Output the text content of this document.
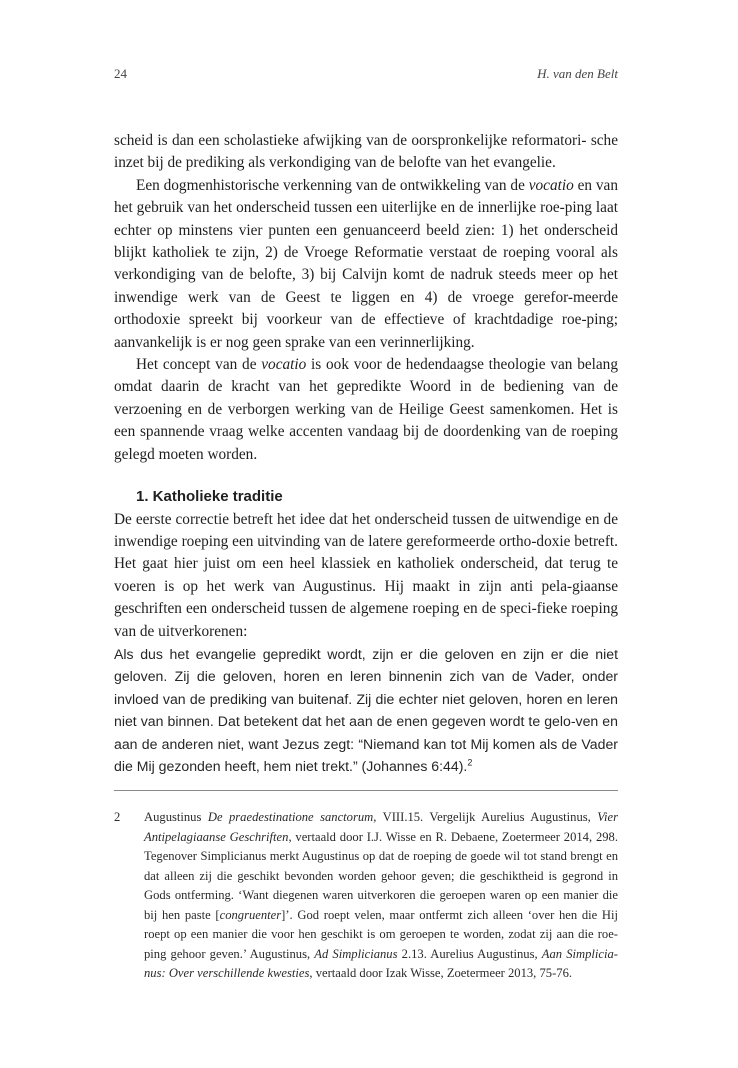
24	H. van den Belt

scheid is dan een scholastieke afwijking van de oorspronkelijke reformatori- sche inzet bij de prediking als verkondiging van de belofte van het evangelie.

Een dogmenhistorische verkenning van de ontwikkeling van de vocatio en van het gebruik van het onderscheid tussen een uiterlijke en de innerlijke roe-ping laat echter op minstens vier punten een genuanceerd beeld zien: 1) het onderscheid blijkt katholiek te zijn, 2) de Vroege Reformatie verstaat de roeping vooral als verkondiging van de belofte, 3) bij Calvijn komt de nadruk steeds meer op het inwendige werk van de Geest te liggen en 4) de vroege gerefor-meerde orthodoxie spreekt bij voorkeur van de effectieve of krachtdadige roe-ping; aanvankelijk is er nog geen sprake van een verinnerlijking.

Het concept van de vocatio is ook voor de hedendaagse theologie van belang omdat daarin de kracht van het gepredikte Woord in de bediening van de verzoening en de verborgen werking van de Heilige Geest samenkomen. Het is een spannende vraag welke accenten vandaag bij de doordenking van de roeping gelegd moeten worden.

1. Katholieke traditie

De eerste correctie betreft het idee dat het onderscheid tussen de uitwendige en de inwendige roeping een uitvinding van de latere gereformeerde ortho-doxie betreft. Het gaat hier juist om een heel klassiek en katholiek onderscheid, dat terug te voeren is op het werk van Augustinus. Hij maakt in zijn anti pela-giaanse geschriften een onderscheid tussen de algemene roeping en de speci-fieke roeping van de uitverkorenen:

Als dus het evangelie gepredikt wordt, zijn er die geloven en zijn er die niet geloven. Zij die geloven, horen en leren binnenin zich van de Vader, onder invloed van de prediking van buitenaf. Zij die echter niet geloven, horen en leren niet van binnen. Dat betekent dat het aan de enen gegeven wordt te gelo-ven en aan de anderen niet, want Jezus zegt: “Niemand kan tot Mij komen als de Vader die Mij gezonden heeft, hem niet trekt.” (Johannes 6:44).$^2$

2 Augustinus De praedestinatione sanctorum, VIII.15. Vergelijk Aurelius Augustinus, Vier Antipelagiaanse Geschriften, vertaald door I.J. Wisse en R. Debaene, Zoetermeer 2014, 298. Tegenover Simplicianus merkt Augustinus op dat de roeping de goede wil tot stand brengt en dat alleen zij die geschikt bevonden worden gehoor geven; die geschiktheid is gegrond in Gods ontferming. ‘Want diegenen waren uitverkoren die geroepen waren op een manier die bij hen paste [congruenter]’. God roept velen, maar ontfermt zich alleen ‘over hen die Hij roept op een manier die voor hen geschikt is om geroepen te worden, zodat zij aan die roe-ping gehoor geven.’ Augustinus, Ad Simplicianus 2.13. Aurelius Augustinus, Aan Simplicia-nus: Over verschillende kwesties, vertaald door Izak Wisse, Zoetermeer 2013, 75-76.
